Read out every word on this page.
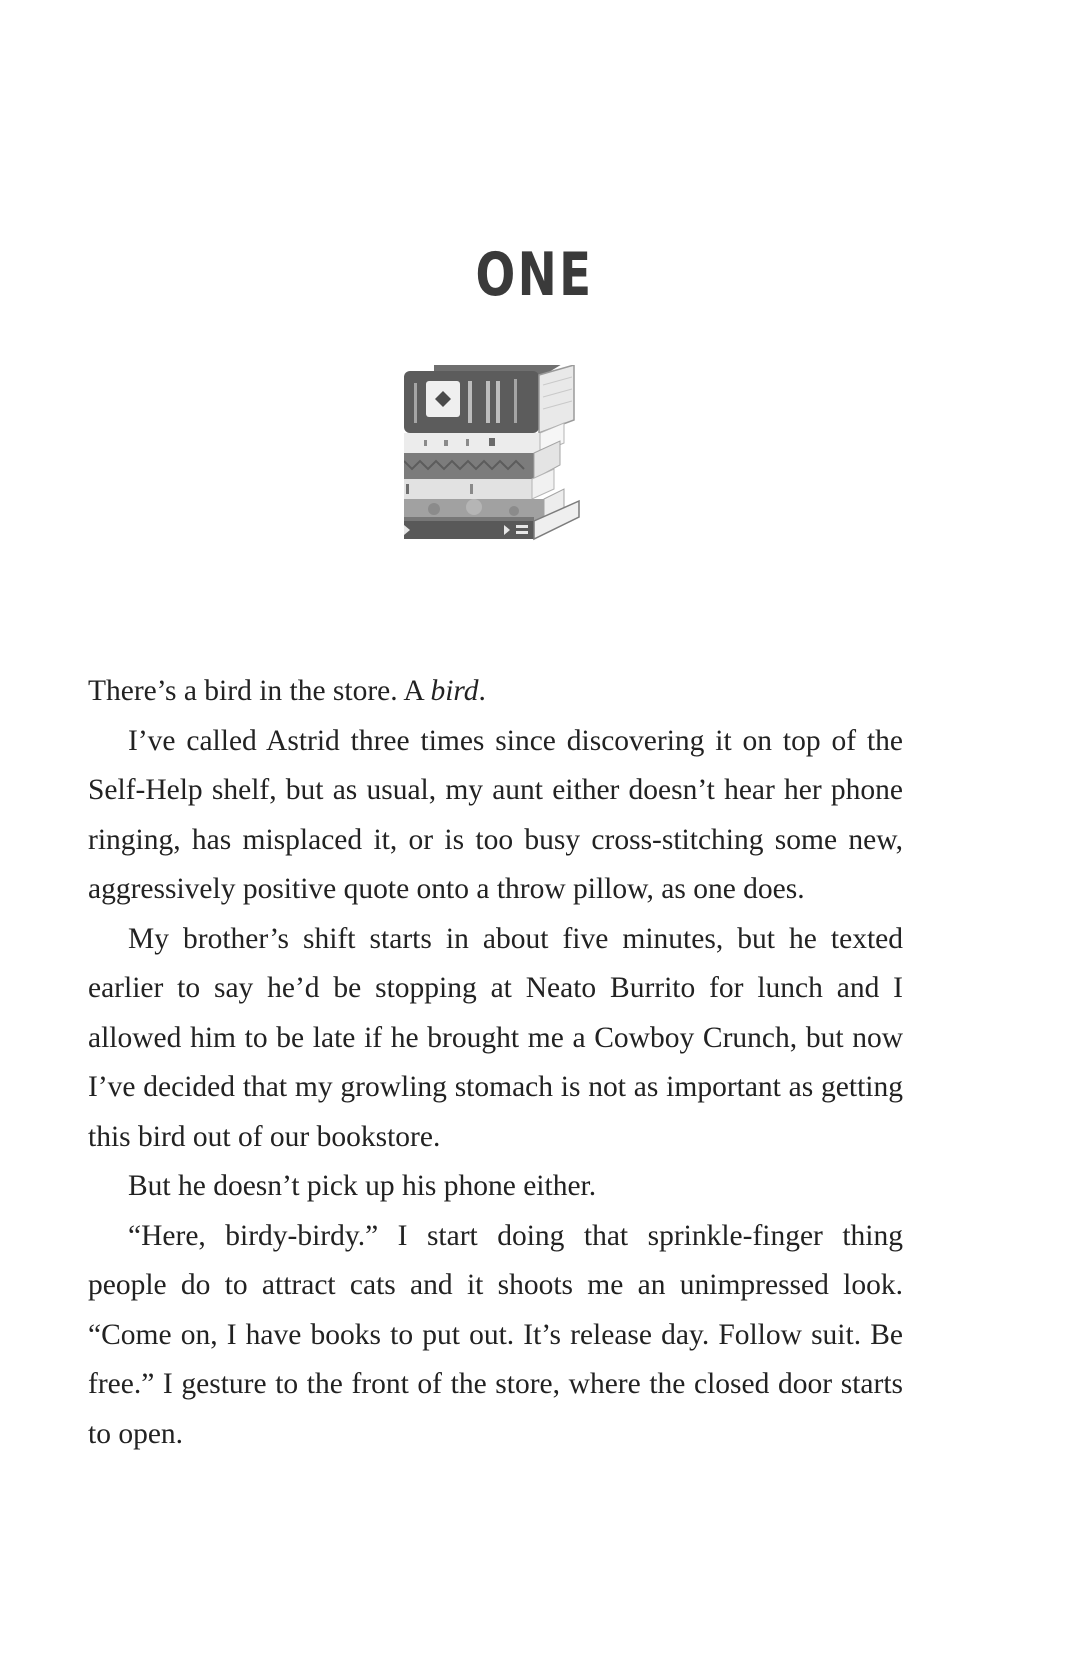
ONE

There’s a bird in the store. A bird.

I’ve called Astrid three times since discovering it on top of the Self-Help shelf, but as usual, my aunt either doesn’t hear her phone ringing, has misplaced it, or is too busy cross-stitching some new, aggressively positive quote onto a throw pillow, as one does.

My brother’s shift starts in about five minutes, but he texted earlier to say he’d be stopping at Neato Burrito for lunch and I allowed him to be late if he brought me a Cowboy Crunch, but now I’ve decided that my growling stomach is not as important as getting this bird out of our bookstore.

But he doesn’t pick up his phone either.

“Here, birdy-birdy.” I start doing that sprinkle-finger thing people do to attract cats and it shoots me an unimpressed look. “Come on, I have books to put out. It’s release day. Follow suit. Be free.” I gesture to the front of the store, where the closed door starts to open.
